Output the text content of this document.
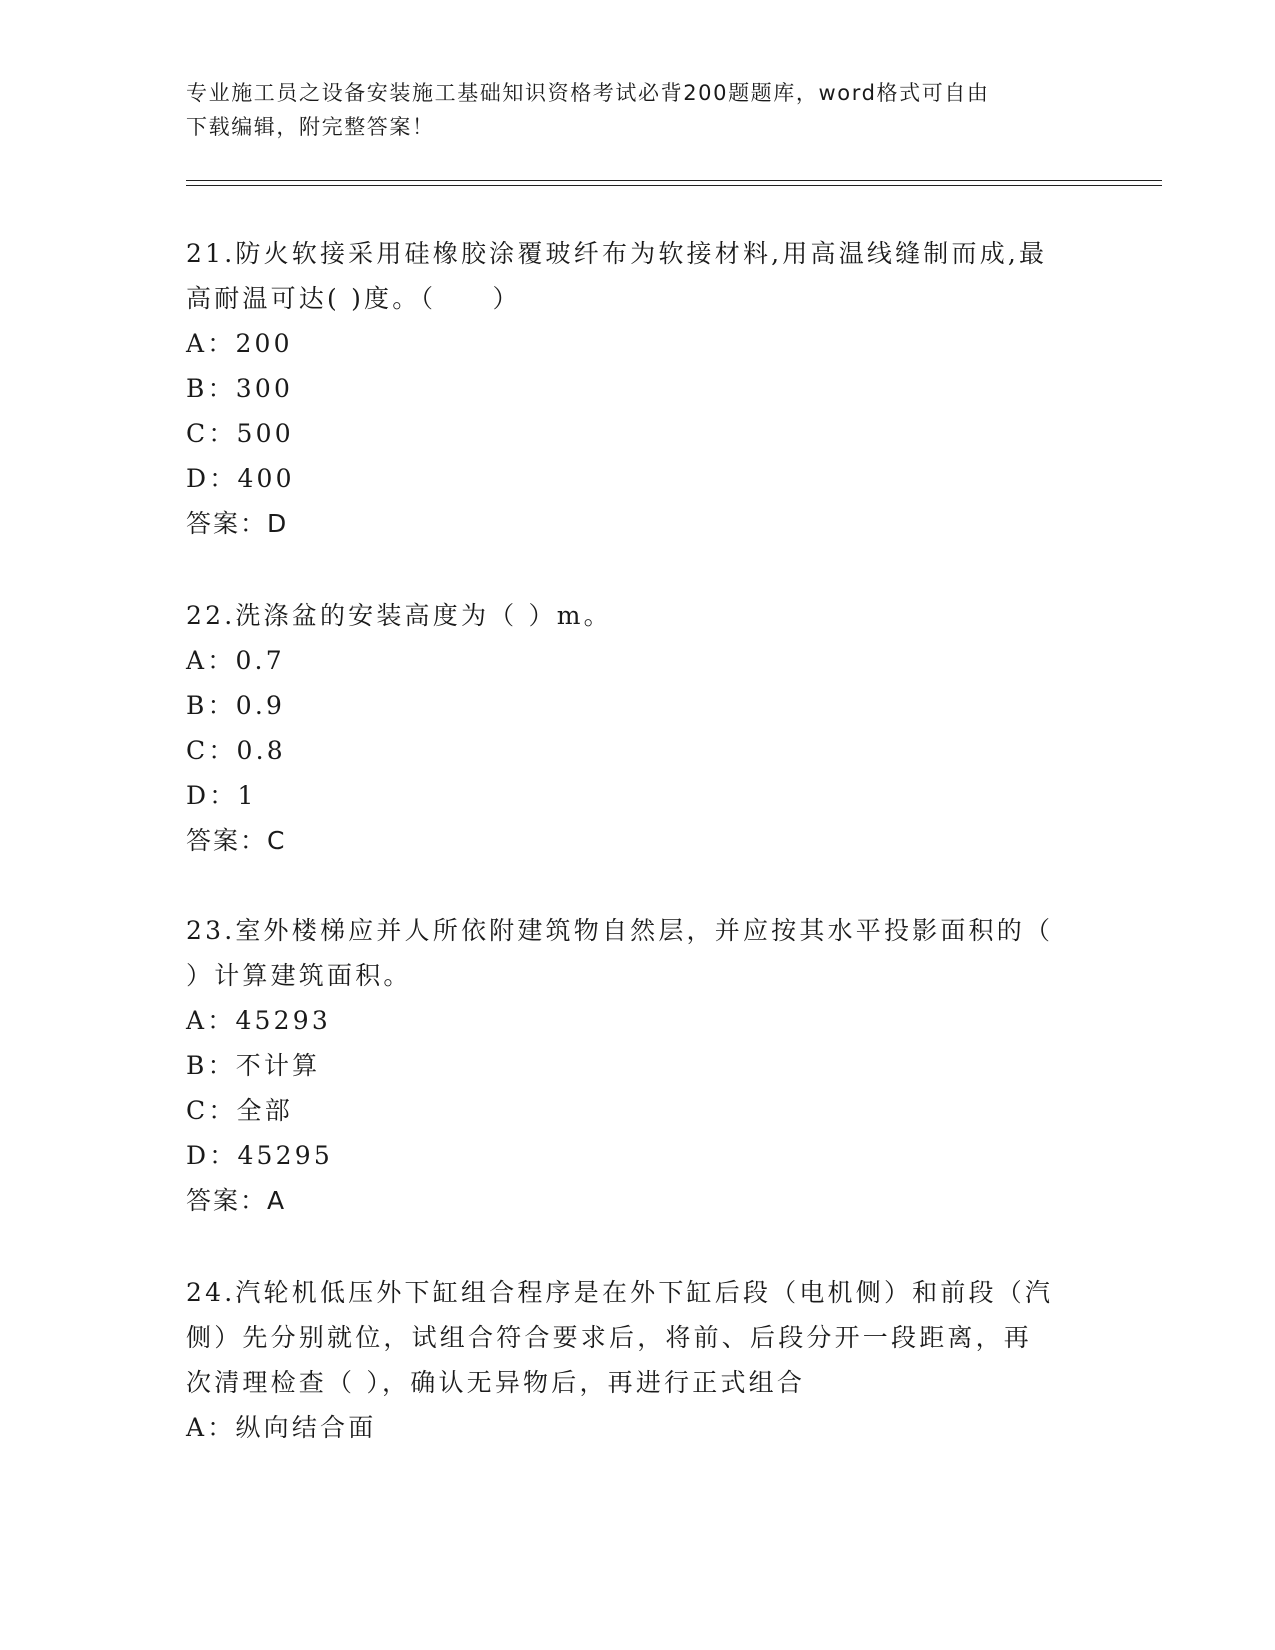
专业施工员之设备安装施工基础知识资格考试必背200题题库，word格式可自由
下载编辑，附完整答案！
21.防火软接采用硅橡胶涂覆玻纤布为软接材料,用高温线缝制而成,最
高耐温可达( )度。（　　）
A：200
B：300
C：500
D：400
答案：D
22.洗涤盆的安装高度为（ ）m。
A：0.7
B：0.9
C：0.8
D：1
答案：C
23.室外楼梯应并人所依附建筑物自然层，并应按其水平投影面积的（
）计算建筑面积。
A：45293
B：不计算
C：全部
D：45295
答案：A
24.汽轮机低压外下缸组合程序是在外下缸后段（电机侧）和前段（汽
侧）先分别就位，试组合符合要求后，将前、后段分开一段距离，再
次清理检查（ ），确认无异物后，再进行正式组合
A：纵向结合面
